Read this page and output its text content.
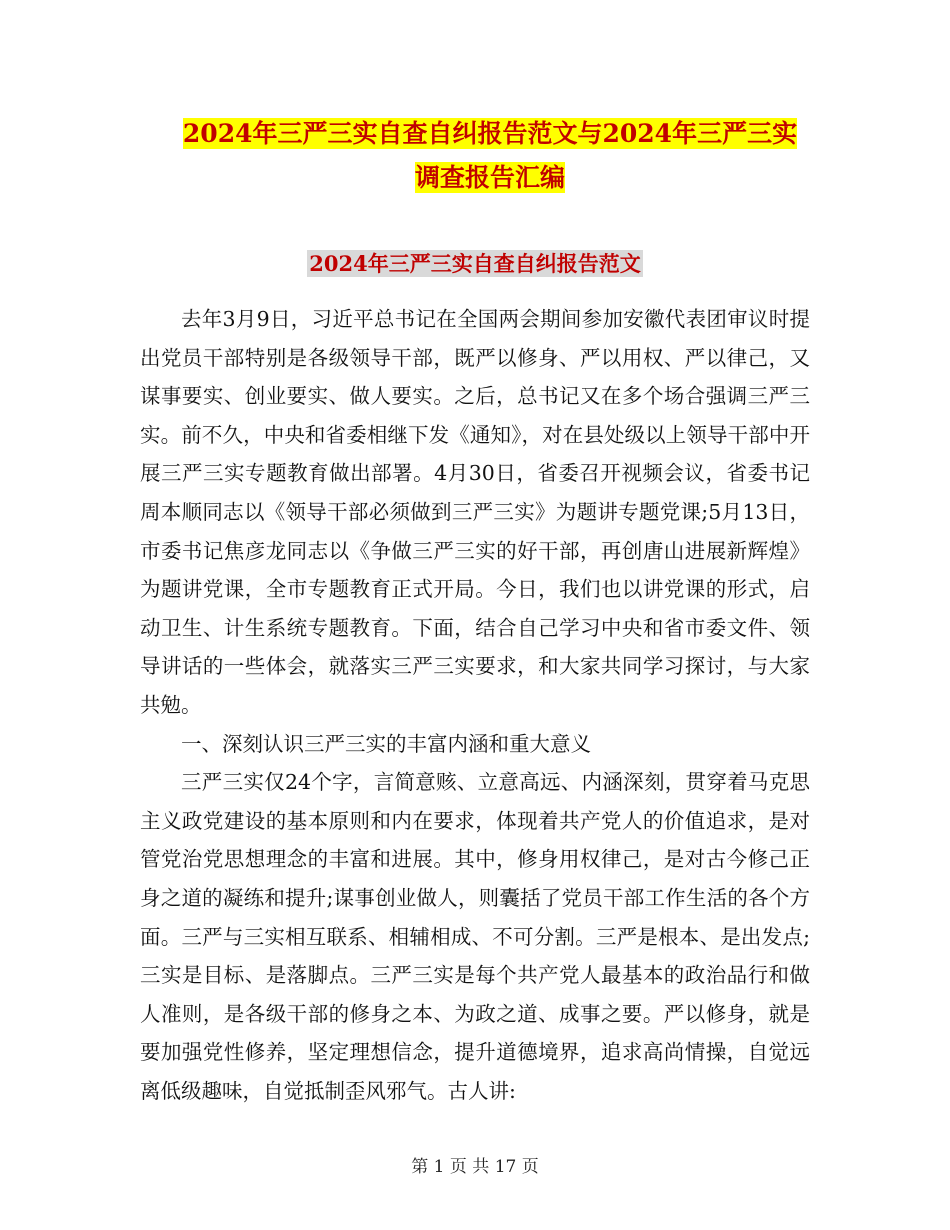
2024年三严三实自查自纠报告范文与2024年三严三实
调查报告汇编
2024年三严三实自查自纠报告范文

去年3月9日，习近平总书记在全国两会期间参加安徽代表团审议时提出党员干部特别是各级领导干部，既严以修身、严以用权、严以律己，又谋事要实、创业要实、做人要实。之后，总书记又在多个场合强调三严三实。前不久，中央和省委相继下发《通知》，对在县处级以上领导干部中开展三严三实专题教育做出部署。4月30日，省委召开视频会议，省委书记周本顺同志以《领导干部必须做到三严三实》为题讲专题党课;5月13日，市委书记焦彦龙同志以《争做三严三实的好干部，再创唐山进展新辉煌》为题讲党课，全市专题教育正式开局。今日，我们也以讲党课的形式，启动卫生、计生系统专题教育。下面，结合自己学习中央和省市委文件、领导讲话的一些体会，就落实三严三实要求，和大家共同学习探讨，与大家共勉。

一、深刻认识三严三实的丰富内涵和重大意义

三严三实仅24个字，言简意赅、立意高远、内涵深刻，贯穿着马克思主义政党建设的基本原则和内在要求，体现着共产党人的价值追求，是对管党治党思想理念的丰富和进展。其中，修身用权律己，是对古今修己正身之道的凝练和提升;谋事创业做人，则囊括了党员干部工作生活的各个方面。三严与三实相互联系、相辅相成、不可分割。三严是根本、是出发点;三实是目标、是落脚点。三严三实是每个共产党人最基本的政治品行和做人准则，是各级干部的修身之本、为政之道、成事之要。严以修身，就是要加强党性修养，坚定理想信念，提升道德境界，追求高尚情操，自觉远离低级趣味，自觉抵制歪风邪气。古人讲:

第 1 页 共 17 页
